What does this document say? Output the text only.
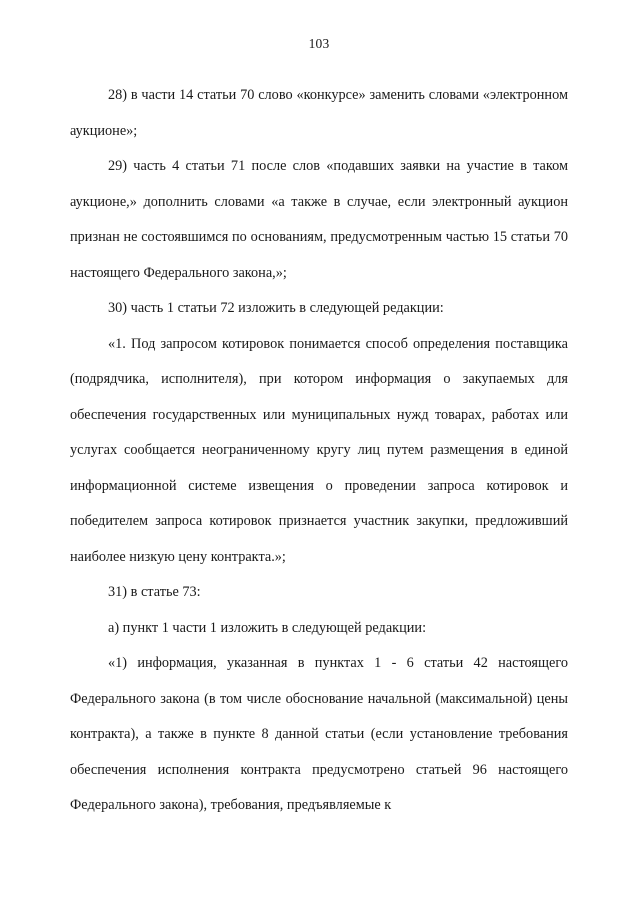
103

28) в части 14 статьи 70 слово «конкурсе» заменить словами «электронном аукционе»;

29) часть 4 статьи 71 после слов «подавших заявки на участие в таком аукционе,» дополнить словами «а также в случае, если электронный аукцион признан не состоявшимся по основаниям, предусмотренным частью 15 статьи 70 настоящего Федерального закона,»;

30) часть 1 статьи 72 изложить в следующей редакции:

«1. Под запросом котировок понимается способ определения поставщика (подрядчика, исполнителя), при котором информация о закупаемых для обеспечения государственных или муниципальных нужд товарах, работах или услугах сообщается неограниченному кругу лиц путем размещения в единой информационной системе извещения о проведении запроса котировок и победителем запроса котировок признается участник закупки, предложивший наиболее низкую цену контракта.»;

31) в статье 73:

а) пункт 1 части 1 изложить в следующей редакции:

«1) информация, указанная в пунктах 1 - 6 статьи 42 настоящего Федерального закона (в том числе обоснование начальной (максимальной) цены контракта), а также в пункте 8 данной статьи (если установление требования обеспечения исполнения контракта предусмотрено статьей 96 настоящего Федерального закона), требования, предъявляемые к
